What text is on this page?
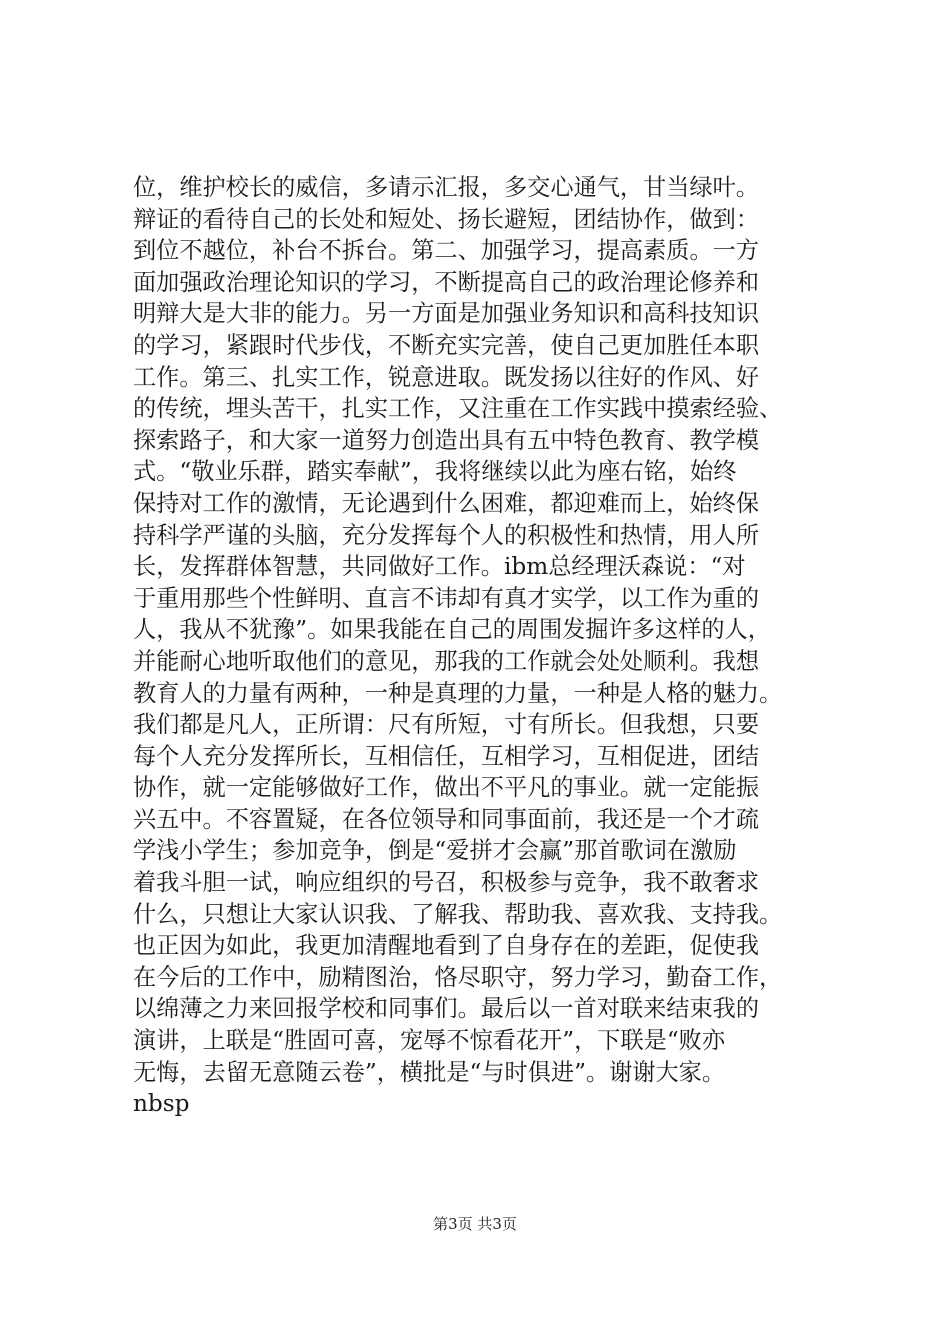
位，维护校长的威信，多请示汇报，多交心通气，甘当绿叶。
辩证的看待自己的长处和短处、扬长避短，团结协作，做到：
到位不越位，补台不拆台。第二、加强学习，提高素质。一方
面加强政治理论知识的学习，不断提高自己的政治理论修养和
明辩大是大非的能力。另一方面是加强业务知识和高科技知识
的学习，紧跟时代步伐，不断充实完善，使自己更加胜任本职
工作。第三、扎实工作，锐意进取。既发扬以往好的作风、好
的传统，埋头苦干，扎实工作，又注重在工作实践中摸索经验、
探索路子，和大家一道努力创造出具有五中特色教育、教学模
式。“敬业乐群，踏实奉献”，我将继续以此为座右铭，始终
保持对工作的激情，无论遇到什么困难，都迎难而上，始终保
持科学严谨的头脑，充分发挥每个人的积极性和热情，用人所
长，发挥群体智慧，共同做好工作。ibm总经理沃森说：“对
于重用那些个性鲜明、直言不讳却有真才实学，以工作为重的
人，我从不犹豫”。如果我能在自己的周围发掘许多这样的人，
并能耐心地听取他们的意见，那我的工作就会处处顺利。我想
教育人的力量有两种，一种是真理的力量，一种是人格的魅力。
我们都是凡人，正所谓：尺有所短，寸有所长。但我想，只要
每个人充分发挥所长，互相信任，互相学习，互相促进，团结
协作，就一定能够做好工作，做出不平凡的事业。就一定能振
兴五中。不容置疑，在各位领导和同事面前，我还是一个才疏
学浅小学生；参加竞争，倒是“爱拼才会赢”那首歌词在激励
着我斗胆一试，响应组织的号召，积极参与竞争，我不敢奢求
什么，只想让大家认识我、了解我、帮助我、喜欢我、支持我。
也正因为如此，我更加清醒地看到了自身存在的差距，促使我
在今后的工作中，励精图治，恪尽职守，努力学习，勤奋工作，
以绵薄之力来回报学校和同事们。最后以一首对联来结束我的
演讲，上联是“胜固可喜，宠辱不惊看花开”，下联是“败亦
无悔，去留无意随云卷”，横批是“与时俱进”。谢谢大家。
nbsp
第3页 共3页
